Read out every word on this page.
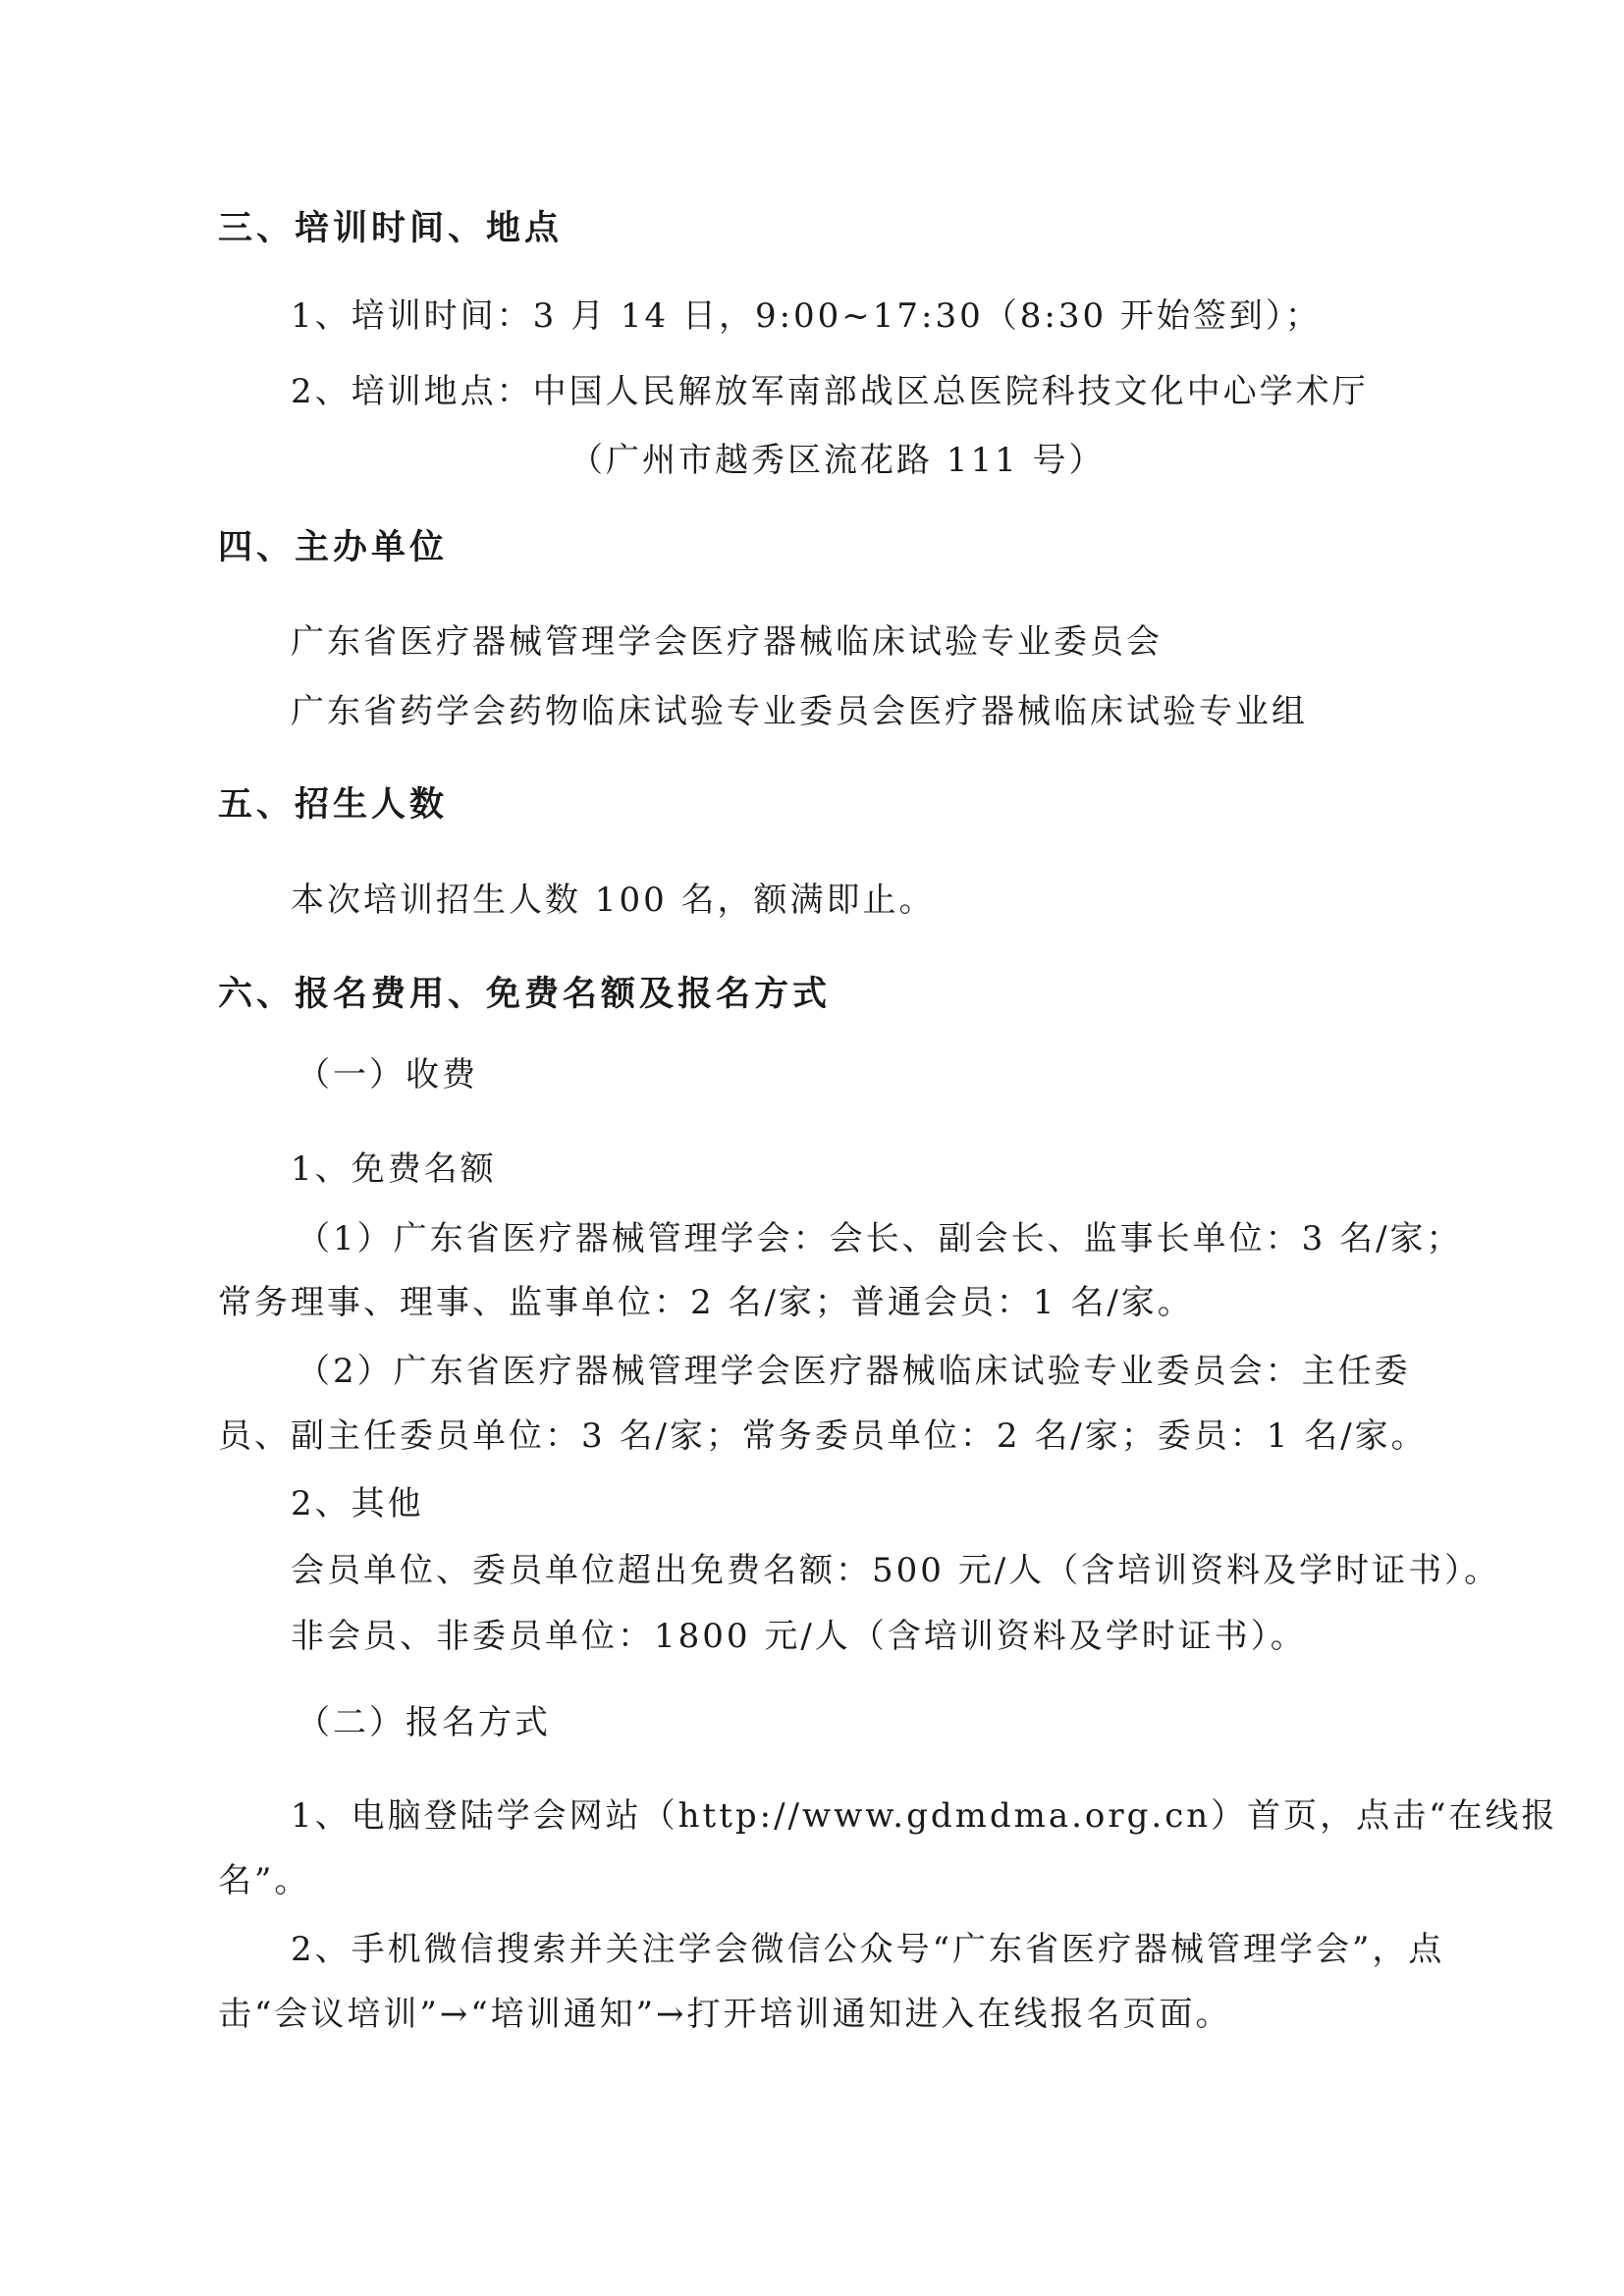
三、培训时间、地点
1、培训时间：3 月 14 日，9:00~17:30（8:30 开始签到）；
2、培训地点：中国人民解放军南部战区总医院科技文化中心学术厅
（广州市越秀区流花路 111 号）
四、主办单位
广东省医疗器械管理学会医疗器械临床试验专业委员会
广东省药学会药物临床试验专业委员会医疗器械临床试验专业组
五、招生人数
本次培训招生人数 100 名，额满即止。
六、报名费用、免费名额及报名方式
（一）收费
1、免费名额
（1）广东省医疗器械管理学会：会长、副会长、监事长单位：3 名/家；
常务理事、理事、监事单位：2 名/家；普通会员：1 名/家。
（2）广东省医疗器械管理学会医疗器械临床试验专业委员会：主任委
员、副主任委员单位：3 名/家；常务委员单位：2 名/家；委员：1 名/家。
2、其他
会员单位、委员单位超出免费名额：500 元/人（含培训资料及学时证书）。
非会员、非委员单位：1800 元/人（含培训资料及学时证书）。
（二）报名方式
1、电脑登陆学会网站（http://www.gdmdma.org.cn）首页，点击“在线报
名”。
2、手机微信搜索并关注学会微信公众号“广东省医疗器械管理学会”，点
击“会议培训”→“培训通知”→打开培训通知进入在线报名页面。
